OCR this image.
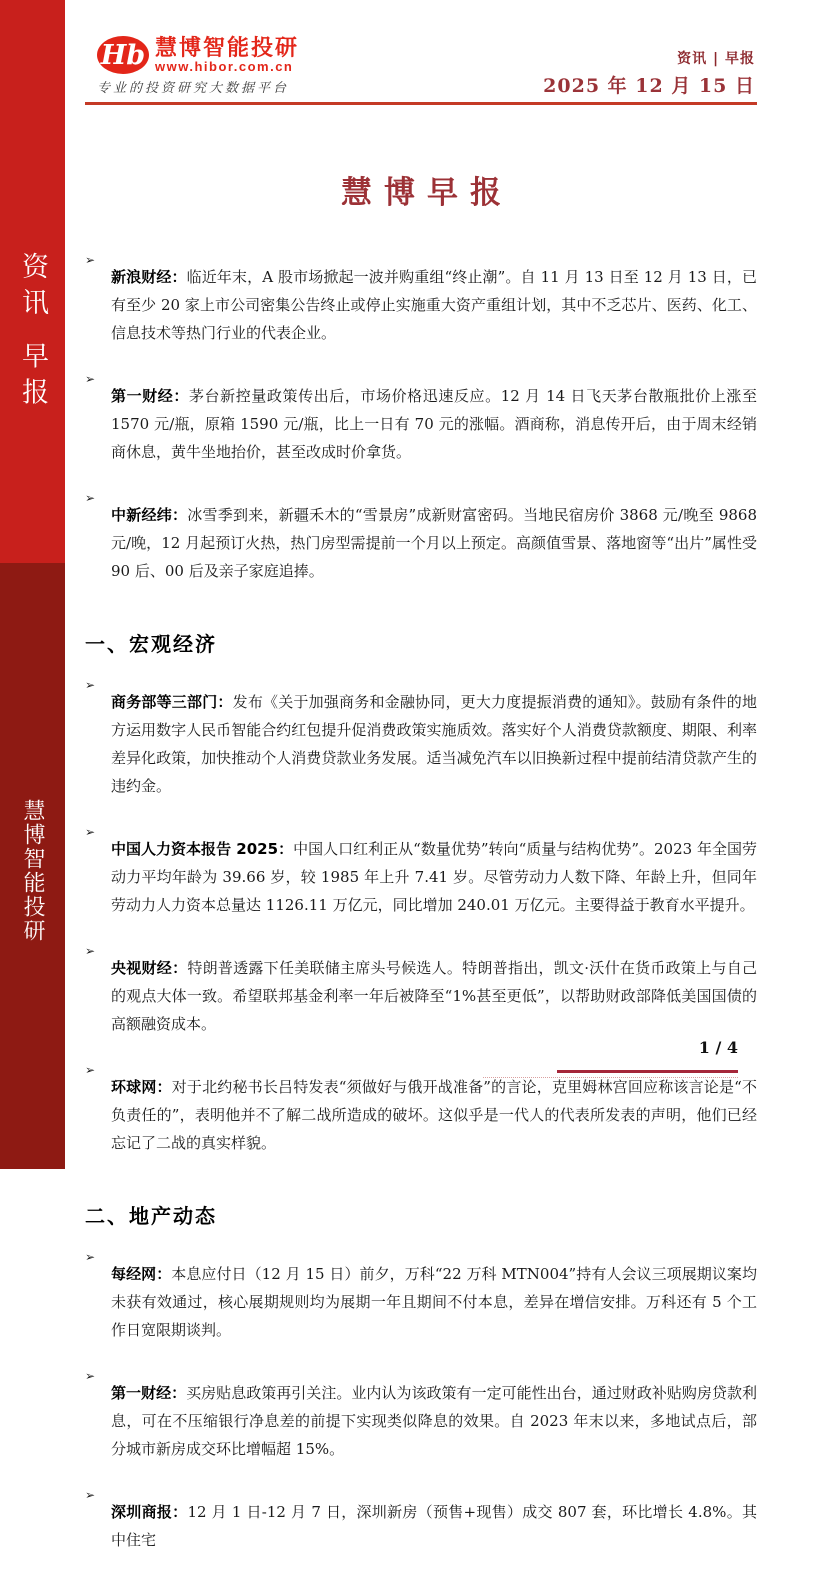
资讯 早报
慧博智能投研
Hb 慧博智能投研
www.hibor.com.cn
专业的投资研究大数据平台
资讯 | 早报
2025 年 12 月 15 日
慧博早报
➢

新浪财经：临近年末，A 股市场掀起一波并购重组“终止潮”。自 11 月 13 日至 12 月 13 日，已有至少 20 家上市公司密集公告终止或停止实施重大资产重组计划，其中不乏芯片、医药、化工、信息技术等热门行业的代表企业。

➢

第一财经：茅台新控量政策传出后，市场价格迅速反应。12 月 14 日飞天茅台散瓶批价上涨至 1570 元/瓶，原箱 1590 元/瓶，比上一日有 70 元的涨幅。酒商称，消息传开后，由于周末经销商休息，黄牛坐地抬价，甚至改成时价拿货。

➢

中新经纬：冰雪季到来，新疆禾木的“雪景房”成新财富密码。当地民宿房价 3868 元/晚至 9868 元/晚，12 月起预订火热，热门房型需提前一个月以上预定。高颜值雪景、落地窗等“出片”属性受 90 后、00 后及亲子家庭追捧。

一、宏观经济
➢

商务部等三部门：发布《关于加强商务和金融协同，更大力度提振消费的通知》。鼓励有条件的地方运用数字人民币智能合约红包提升促消费政策实施质效。落实好个人消费贷款额度、期限、利率差异化政策，加快推动个人消费贷款业务发展。适当减免汽车以旧换新过程中提前结清贷款产生的违约金。

➢

中国人力资本报告 2025：中国人口红利正从“数量优势”转向“质量与结构优势”。2023 年全国劳动力平均年龄为 39.66 岁，较 1985 年上升 7.41 岁。尽管劳动力人数下降、年龄上升，但同年劳动力人力资本总量达 1126.11 万亿元，同比增加 240.01 万亿元。主要得益于教育水平提升。

➢

央视财经：特朗普透露下任美联储主席头号候选人。特朗普指出，凯文·沃什在货币政策上与自己的观点大体一致。希望联邦基金利率一年后被降至“1%甚至更低”，以帮助财政部降低美国国债的高额融资成本。

➢

环球网：对于北约秘书长吕特发表“须做好与俄开战准备”的言论，克里姆林宫回应称该言论是“不负责任的”，表明他并不了解二战所造成的破坏。这似乎是一代人的代表所发表的声明，他们已经忘记了二战的真实样貌。

二、地产动态
➢

每经网：本息应付日（12 月 15 日）前夕，万科“22 万科 MTN004”持有人会议三项展期议案均未获有效通过，核心展期规则均为展期一年且期间不付本息，差异在增信安排。万科还有 5 个工作日宽限期谈判。

➢

第一财经：买房贴息政策再引关注。业内认为该政策有一定可能性出台，通过财政补贴购房贷款利息，可在不压缩银行净息差的前提下实现类似降息的效果。自 2023 年末以来，多地试点后，部分城市新房成交环比增幅超 15%。

➢

深圳商报：12 月 1 日-12 月 7 日，深圳新房（预售+现售）成交 807 套，环比增长 4.8%。其中住宅

1 / 4
